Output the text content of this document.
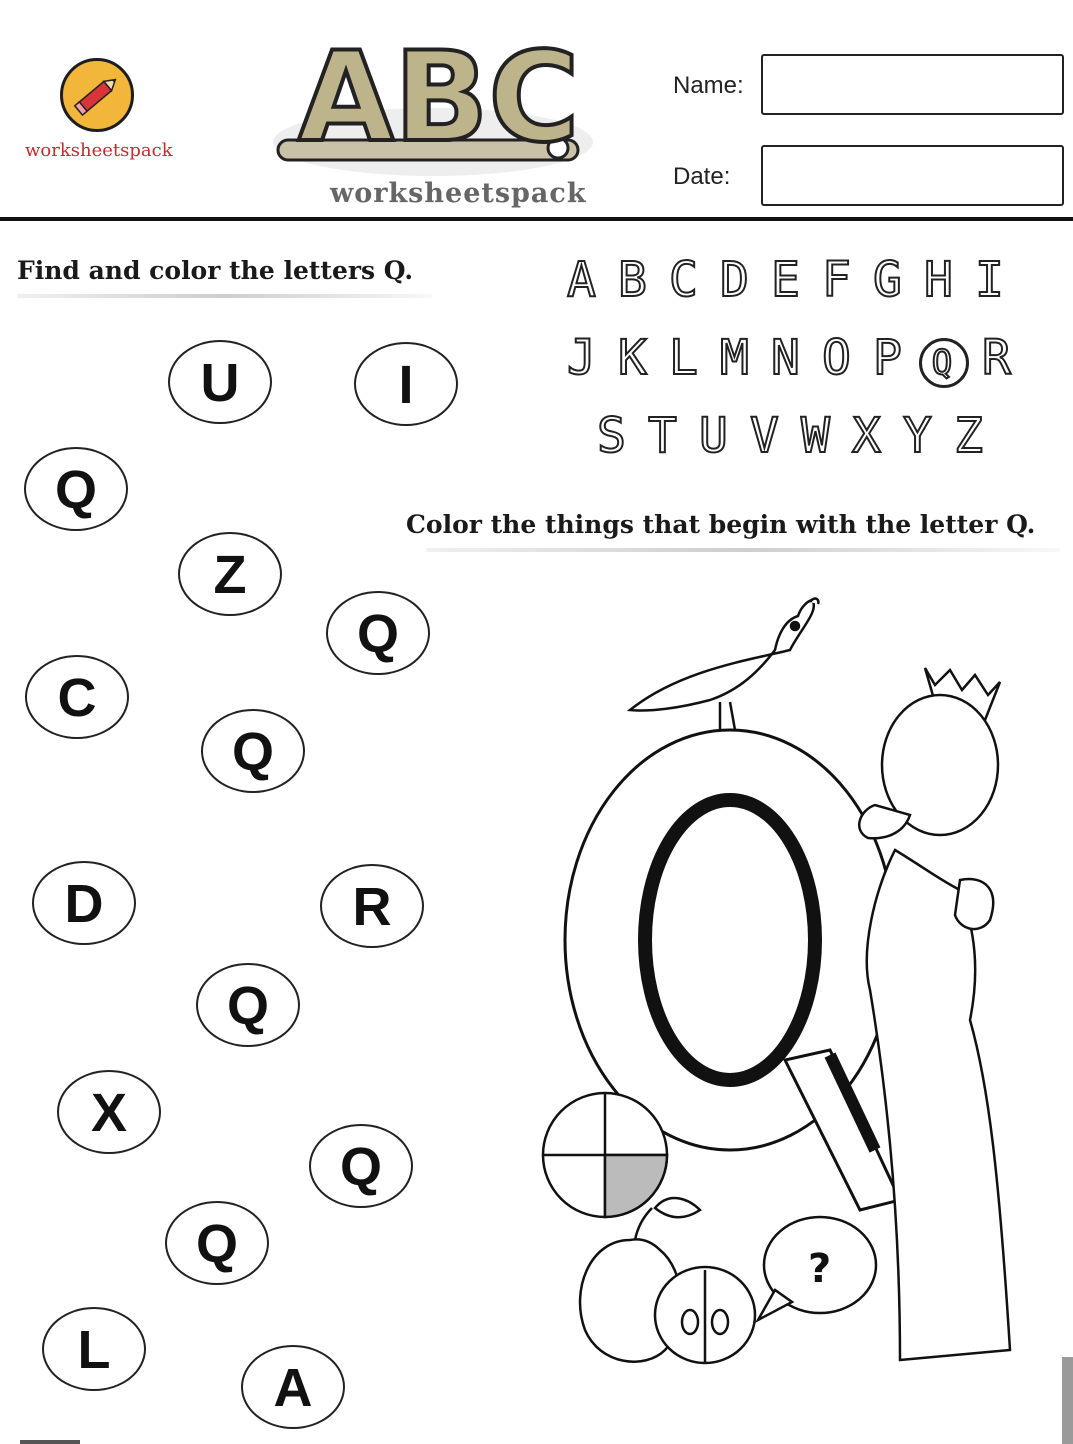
worksheetspack ABC
worksheetspack
Name:
Date:
Find and color the letters Q.
Color the things that begin with the letter Q.
A B C D E F G H I
J K L M N O P Q R
S T U V W X Y Z
U	I
Q
Z
Q
C
Q
D	R
Q
X
Q
Q
L
A
?
